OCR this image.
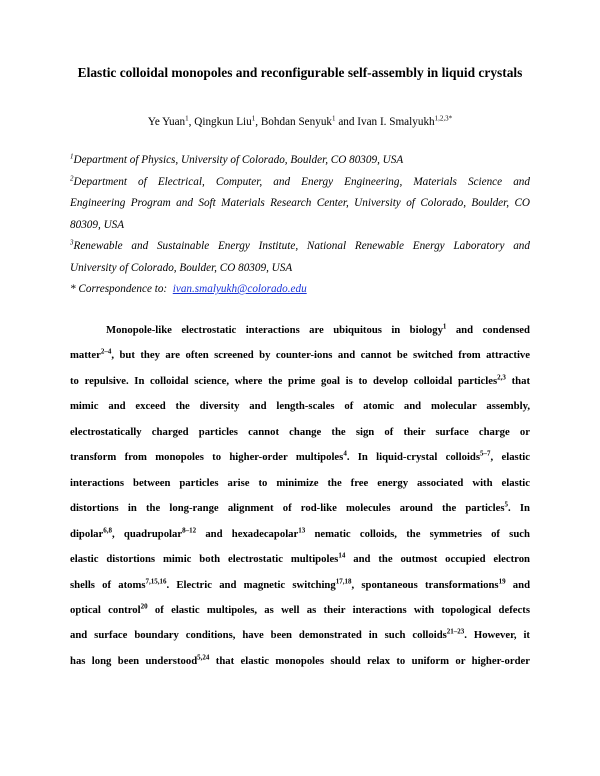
Elastic colloidal monopoles and reconfigurable self-assembly in liquid crystals
Ye Yuan$^1$, Qingkun Liu$^1$, Bohdan Senyuk$^1$ and Ivan I. Smalyukh$^{1,2,3*}$
$^1$Department of Physics, University of Colorado, Boulder, CO 80309, USA
$^2$Department of Electrical, Computer, and Energy Engineering, Materials Science and
Engineering Program and Soft Materials Research Center, University of Colorado, Boulder, CO
80309, USA
$^3$Renewable and Sustainable Energy Institute, National Renewable Energy Laboratory and
University of Colorado, Boulder, CO 80309, USA
* Correspondence to: ivan.smalyukh@colorado.edu
Monopole-like electrostatic interactions are ubiquitous in biology$^1$ and condensed
matter$^{2-4}$, but they are often screened by counter-ions and cannot be switched from attractive
to repulsive. In colloidal science, where the prime goal is to develop colloidal particles$^{2,3}$ that
mimic and exceed the diversity and length-scales of atomic and molecular assembly,
electrostatically charged particles cannot change the sign of their surface charge or
transform from monopoles to higher-order multipoles$^4$. In liquid-crystal colloids$^{5-7}$, elastic
interactions between particles arise to minimize the free energy associated with elastic
distortions in the long-range alignment of rod-like molecules around the particles$^5$. In
dipolar$^{6,8}$, quadrupolar$^{8-12}$ and hexadecapolar$^{13}$ nematic colloids, the symmetries of such
elastic distortions mimic both electrostatic multipoles$^{14}$ and the outmost occupied electron
shells of atoms$^{7,15,16}$. Electric and magnetic switching$^{17,18}$, spontaneous transformations$^{19}$ and
optical control$^{20}$ of elastic multipoles, as well as their interactions with topological defects
and surface boundary conditions, have been demonstrated in such colloids$^{21-23}$. However, it
has long been understood$^{5,24}$ that elastic monopoles should relax to uniform or higher-order
